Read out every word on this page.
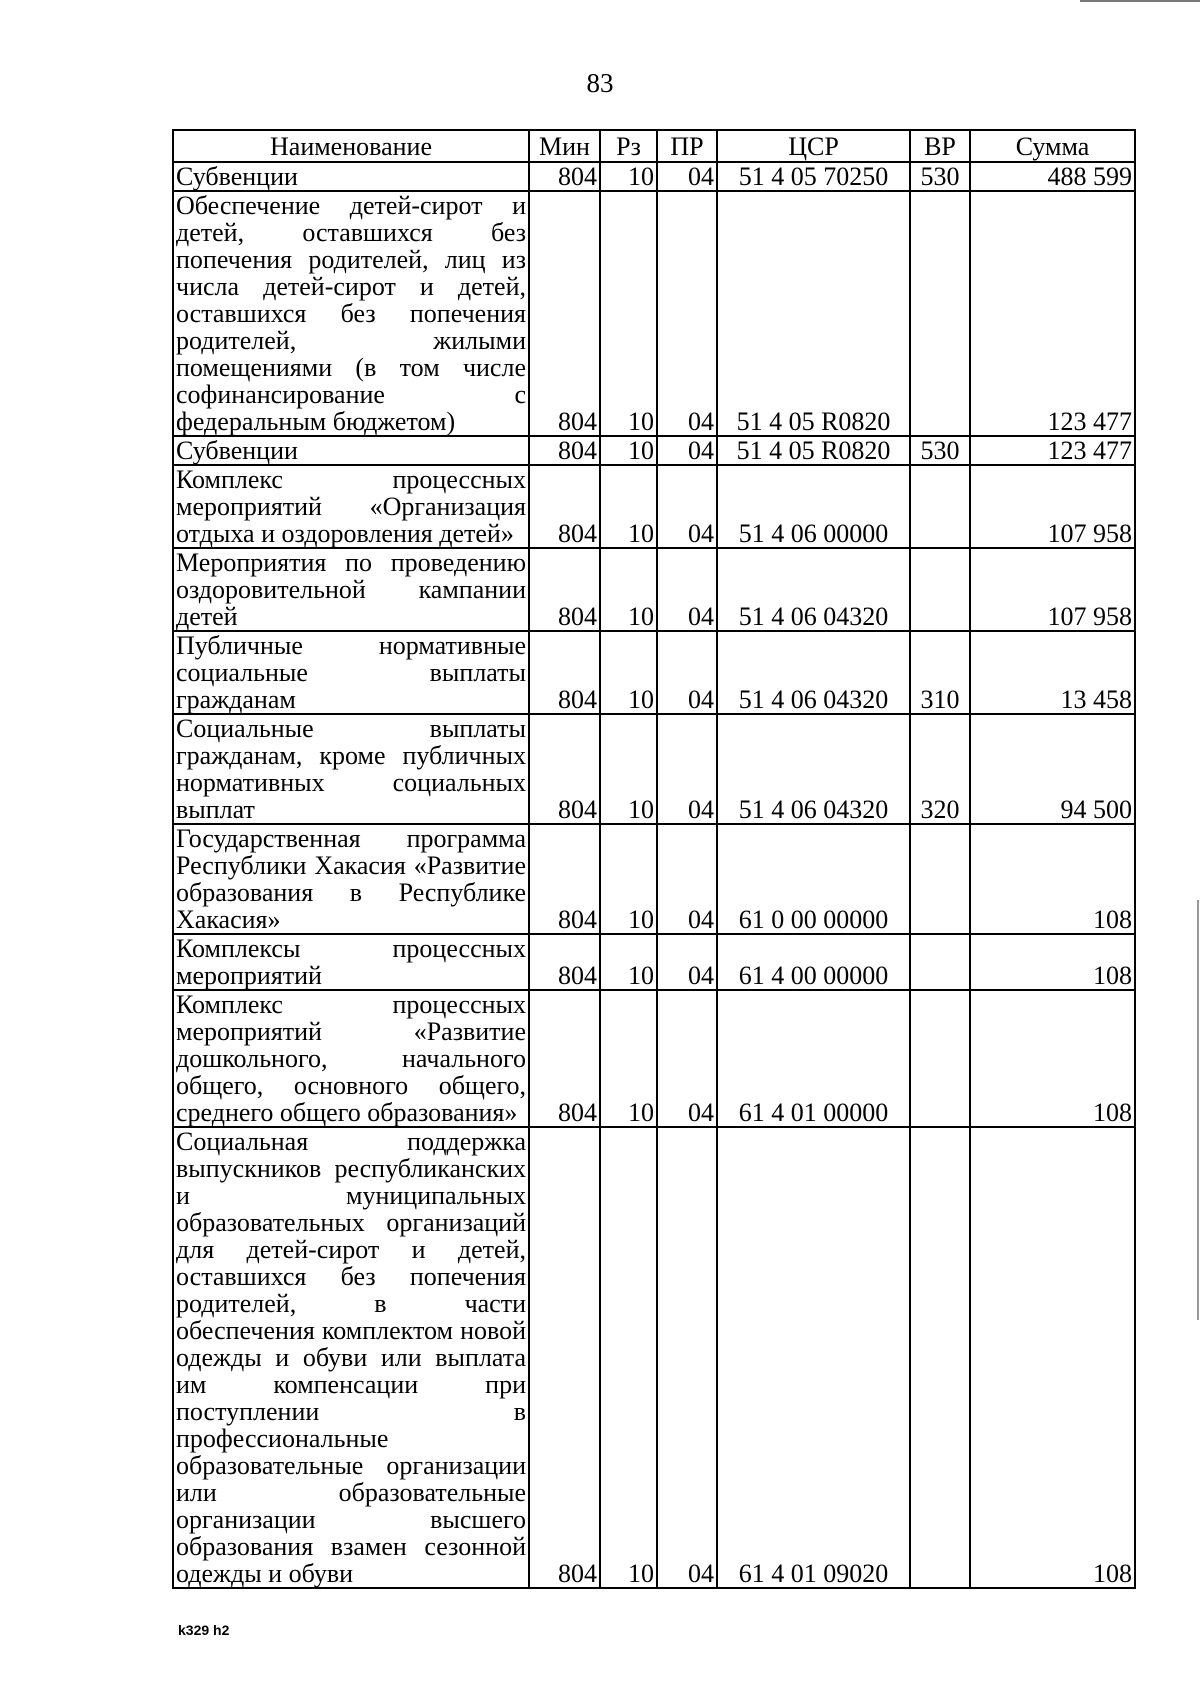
83
Наименование	Мин	Рз	ПР	ЦСР	ВР	Сумма
Субвенции	804	10	04	51 4 05 70250	530	488 599
Обеспечение детей-сирот и детей, оставшихся без попечения родителей, лиц из числа детей-сирот и детей, оставшихся без попечения родителей, жилыми помещениями (в том числе софинансирование с федеральным бюджетом)	804	10	04	51 4 05 R0820		123 477
Субвенции	804	10	04	51 4 05 R0820	530	123 477
Комплекс процессных мероприятий «Организация отдыха и оздоровления детей»	804	10	04	51 4 06 00000		107 958
Мероприятия по проведению оздоровительной кампании детей	804	10	04	51 4 06 04320		107 958
Публичные нормативные социальные выплаты гражданам	804	10	04	51 4 06 04320	310	13 458
Социальные выплаты гражданам, кроме публичных нормативных социальных выплат	804	10	04	51 4 06 04320	320	94 500
Государственная программа Республики Хакасия «Развитие образования в Республике Хакасия»	804	10	04	61 0 00 00000		108
Комплексы процессных мероприятий	804	10	04	61 4 00 00000		108
Комплекс процессных мероприятий «Развитие дошкольного, начального общего, основного общего, среднего общего образования»	804	10	04	61 4 01 00000		108
Социальная поддержка выпускников республиканских и муниципальных образовательных организаций для детей-сирот и детей, оставшихся без попечения родителей, в части обеспечения комплектом новой одежды и обуви или выплата им компенсации при поступлении в профессиональные образовательные организации или образовательные организации высшего образования взамен сезонной одежды и обуви	804	10	04	61 4 01 09020		108
k329 h2
